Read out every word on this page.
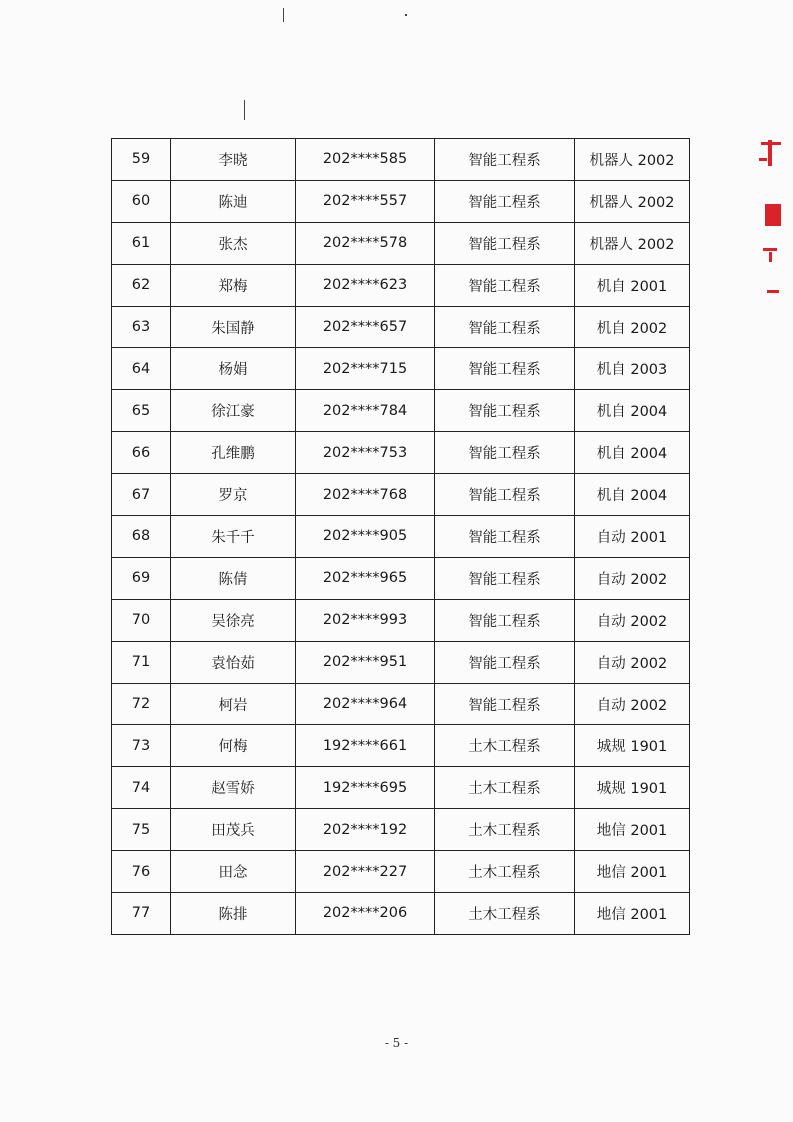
59	李晓	202****585	智能工程系	机器人 2002
60	陈迪	202****557	智能工程系	机器人 2002
61	张杰	202****578	智能工程系	机器人 2002
62	郑梅	202****623	智能工程系	机自 2001
63	朱国静	202****657	智能工程系	机自 2002
64	杨娟	202****715	智能工程系	机自 2003
65	徐江豪	202****784	智能工程系	机自 2004
66	孔维鹏	202****753	智能工程系	机自 2004
67	罗京	202****768	智能工程系	机自 2004
68	朱千千	202****905	智能工程系	自动 2001
69	陈倩	202****965	智能工程系	自动 2002
70	吴徐亮	202****993	智能工程系	自动 2002
71	袁怡茹	202****951	智能工程系	自动 2002
72	柯岩	202****964	智能工程系	自动 2002
73	何梅	192****661	土木工程系	城规 1901
74	赵雪娇	192****695	土木工程系	城规 1901
75	田茂兵	202****192	土木工程系	地信 2001
76	田念	202****227	土木工程系	地信 2001
77	陈排	202****206	土木工程系	地信 2001
- 5 -
